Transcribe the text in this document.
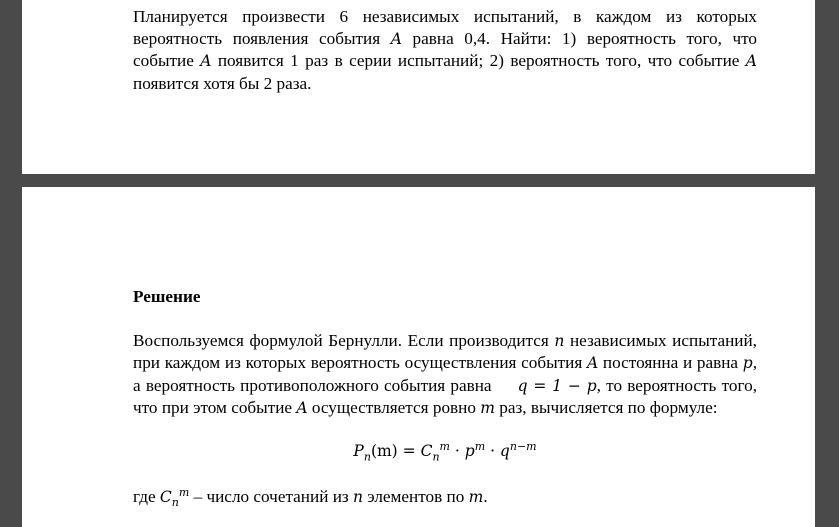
Планируется произвести 6 независимых испытаний, в каждом из которых вероятность появления события A равна 0,4. Найти: 1) вероятность того, что событие A появится 1 раз в серии испытаний; 2) вероятность того, что событие A появится хотя бы 2 раза.

Решение

Воспользуемся формулой Бернулли. Если производится n независимых испытаний, при каждом из которых вероятность осуществления события A постоянна и равна p, а вероятность противоположного события равна q = 1 − p, то вероятность того, что при этом событие A осуществляется ровно m раз, вычисляется по формуле:

$P_n(m) = C_n^m \cdot p^m \cdot q^{n-m}$

где $C_n^m$ – число сочетаний из n элементов по m.
